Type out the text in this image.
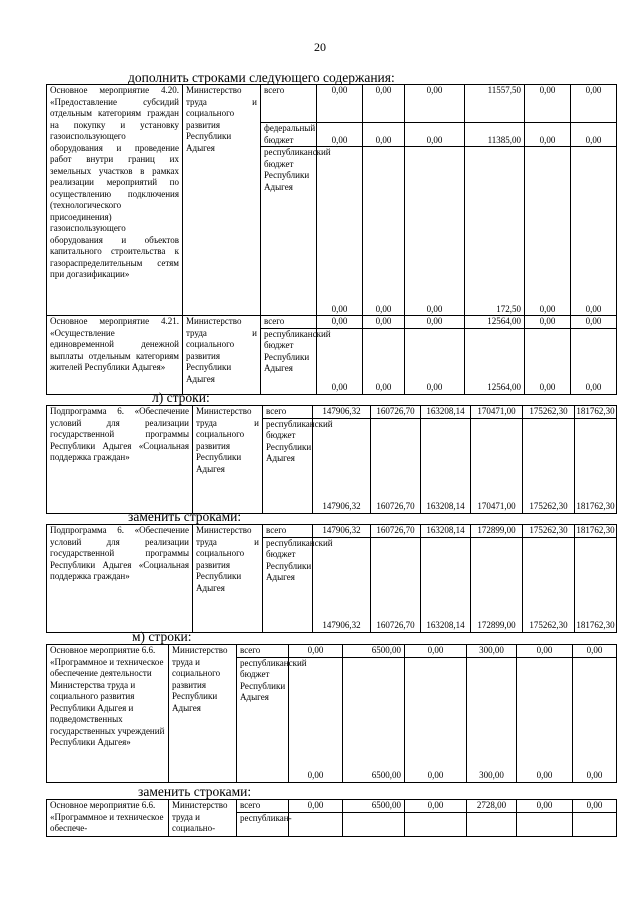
20
дополнить строками следующего содержания:
Основное мероприятие 4.20. «Предоставление субсидий отдельным категориям граждан на покупку и установку газоиспользующего оборудования и проведение работ внутри границ их земельных участков в рамках реализации мероприятий по осуществлению подключения (технологического присоединения) газоиспользующего оборудования и объектов капитального строительства к газораспределительным сетям при догазификации»	Министерство труда и социального развития Республики Адыгея	всего	0,00	0,00	0,00	11557,50	0,00	0,00
		федеральный бюджет	0,00	0,00	0,00	11385,00	0,00	0,00
		республиканский бюджет Республики Адыгея	0,00	0,00	0,00	172,50	0,00	0,00
Основное мероприятие 4.21. «Осуществление единовременной денежной выплаты отдельным категориям жителей Республики Адыгея»	Министерство труда и социального развития Республики Адыгея	всего	0,00	0,00	0,00	12564,00	0,00	0,00
		республиканский бюджет Республики Адыгея	0,00	0,00	0,00	12564,00	0,00	0,00
л) строки:
Подпрограмма 6. «Обеспечение условий для реализации государственной программы Республики Адыгея «Социальная поддержка граждан»	Министерство труда и социального развития Республики Адыгея	всего	147906,32	160726,70	163208,14	170471,00	175262,30	181762,30
		республиканский бюджет Республики Адыгея	147906,32	160726,70	163208,14	170471,00	175262,30	181762,30
заменить строками:
Подпрограмма 6. «Обеспечение условий для реализации государственной программы Республики Адыгея «Социальная поддержка граждан»	Министерство труда и социального развития Республики Адыгея	всего	147906,32	160726,70	163208,14	172899,00	175262,30	181762,30
		республиканский бюджет Республики Адыгея	147906,32	160726,70	163208,14	172899,00	175262,30	181762,30
м) строки:
Основное мероприятие 6.6. «Программное и техническое обеспечение деятельности Министерства труда и социального развития Республики Адыгея и подведомственных государственных учреждений Республики Адыгея»	Министерство труда и социального развития Республики Адыгея	всего	0,00	6500,00	0,00	300,00	0,00	0,00
		республиканский бюджет Республики Адыгея	0,00	6500,00	0,00	300,00	0,00	0,00
заменить строками:
Основное мероприятие 6.6. «Программное и техническое обеспече-	Министерство труда и социально-	всего	0,00	6500,00	0,00	2728,00	0,00	0,00
		республикан-						
